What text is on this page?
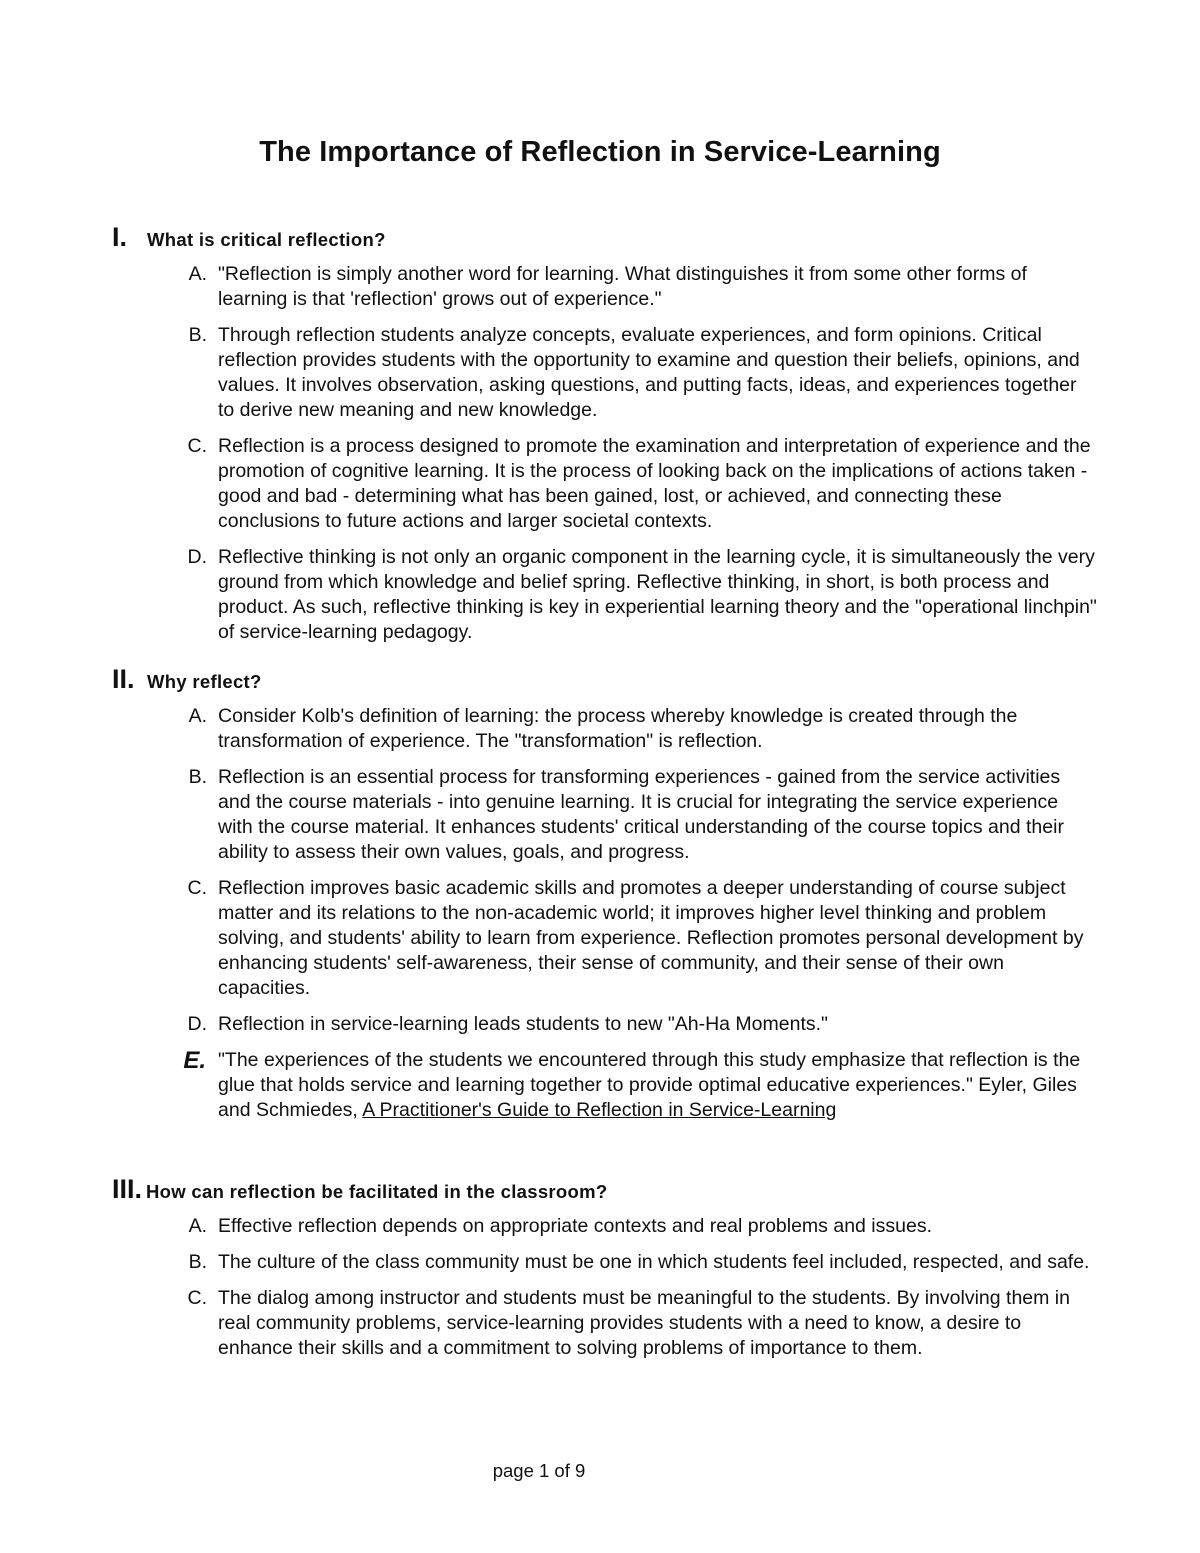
The Importance of Reflection in Service-Learning
I.	What is critical reflection?
A. "Reflection is simply another word for learning. What distinguishes it from some other forms of learning is that 'reflection' grows out of experience."
B. Through reflection students analyze concepts, evaluate experiences, and form opinions. Critical reflection provides students with the opportunity to examine and question their beliefs, opinions, and values. It involves observation, asking questions, and putting facts, ideas, and experiences together to derive new meaning and new knowledge.
C. Reflection is a process designed to promote the examination and interpretation of experience and the promotion of cognitive learning. It is the process of looking back on the implications of actions taken - good and bad - determining what has been gained, lost, or achieved, and connecting these conclusions to future actions and larger societal contexts.
D. Reflective thinking is not only an organic component in the learning cycle, it is simultaneously the very ground from which knowledge and belief spring. Reflective thinking, in short, is both process and product. As such, reflective thinking is key in experiential learning theory and the "operational linchpin" of service-learning pedagogy.
II. Why reflect?
A. Consider Kolb's definition of learning: the process whereby knowledge is created through the transformation of experience. The "transformation" is reflection.
B. Reflection is an essential process for transforming experiences - gained from the service activities and the course materials - into genuine learning. It is crucial for integrating the service experience with the course material. It enhances students' critical understanding of the course topics and their ability to assess their own values, goals, and progress.
C. Reflection improves basic academic skills and promotes a deeper understanding of course subject matter and its relations to the non-academic world; it improves higher level thinking and problem solving, and students' ability to learn from experience. Reflection promotes personal development by enhancing students' self-awareness, their sense of community, and their sense of their own capacities.
D. Reflection in service-learning leads students to new "Ah-Ha Moments."
E. "The experiences of the students we encountered through this study emphasize that reflection is the glue that holds service and learning together to provide optimal educative experiences." Eyler, Giles and Schmiedes, A Practitioner's Guide to Reflection in Service-Learning
III. How can reflection be facilitated in the classroom?
A. Effective reflection depends on appropriate contexts and real problems and issues.
B. The culture of the class community must be one in which students feel included, respected, and safe.
C. The dialog among instructor and students must be meaningful to the students. By involving them in real community problems, service-learning provides students with a need to know, a desire to enhance their skills and a commitment to solving problems of importance to them.
page 1 of 9
